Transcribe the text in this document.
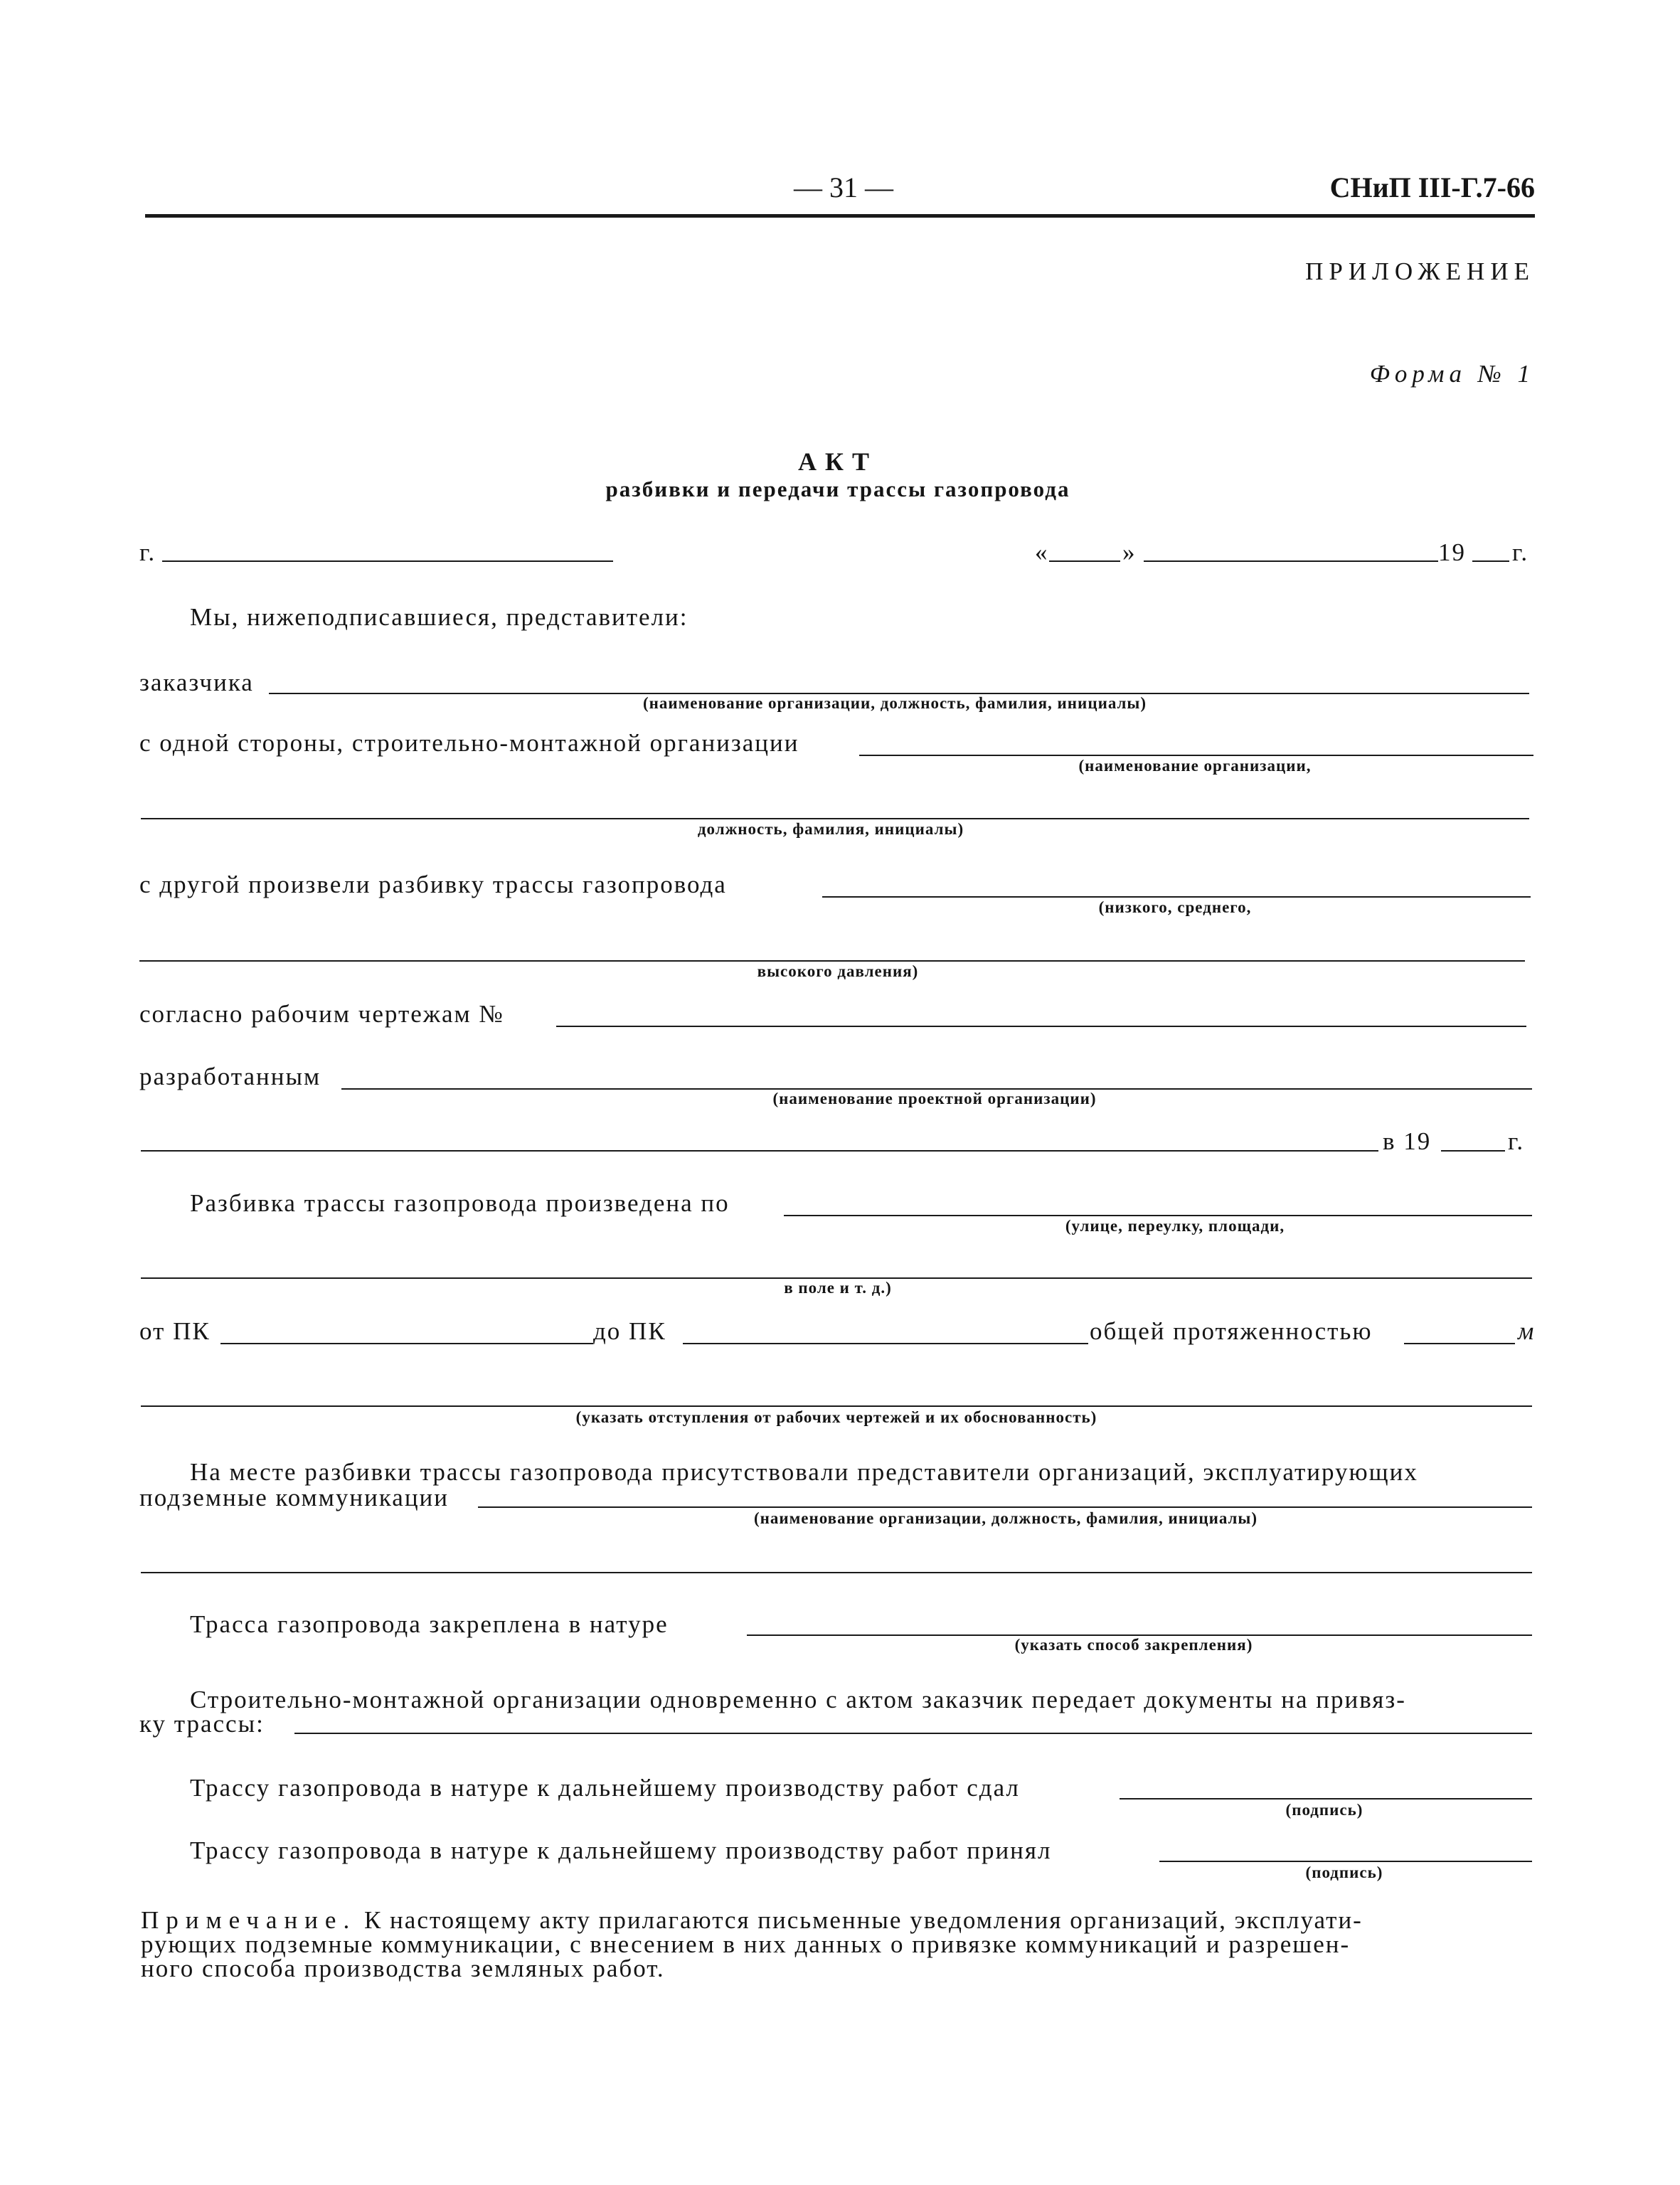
— 31 —	СНиП III-Г.7-66
ПРИЛОЖЕНИЕ
Форма № 1
АКТ
разбивки и передачи трассы газопровода
г.	«	»	19 г.
Мы, нижеподписавшиеся, представители:
заказчика
(наименование организации, должность, фамилия, инициалы)
с одной стороны, строительно-монтажной организации
(наименование организации,
должность, фамилия, инициалы)
с другой произвели разбивку трассы газопровода
(низкого, среднего,
высокого давления)
согласно рабочим чертежам №
разработанным
(наименование проектной организации)
в 19	г.
Разбивка трассы газопровода произведена по
(улице, переулку, площади,
в поле и т. д.)
от ПК	до ПК	общей протяженностью	м
(указать отступления от рабочих чертежей и их обоснованность)
На месте разбивки трассы газопровода присутствовали представители организаций, эксплуатирующих
подземные коммуникации
(наименование организации, должность, фамилия, инициалы)
Трасса газопровода закреплена в натуре
(указать способ закрепления)
Строительно-монтажной организации одновременно с актом заказчик передает документы на привяз-
ку трассы:
Трассу газопровода в натуре к дальнейшему производству работ сдал
(подпись)
Трассу газопровода в натуре к дальнейшему производству работ принял
(подпись)
Примечание. К настоящему акту прилагаются письменные уведомления организаций, эксплуати-
рующих подземные коммуникации, с внесением в них данных о привязке коммуникаций и разрешен-
ного способа производства земляных работ.
